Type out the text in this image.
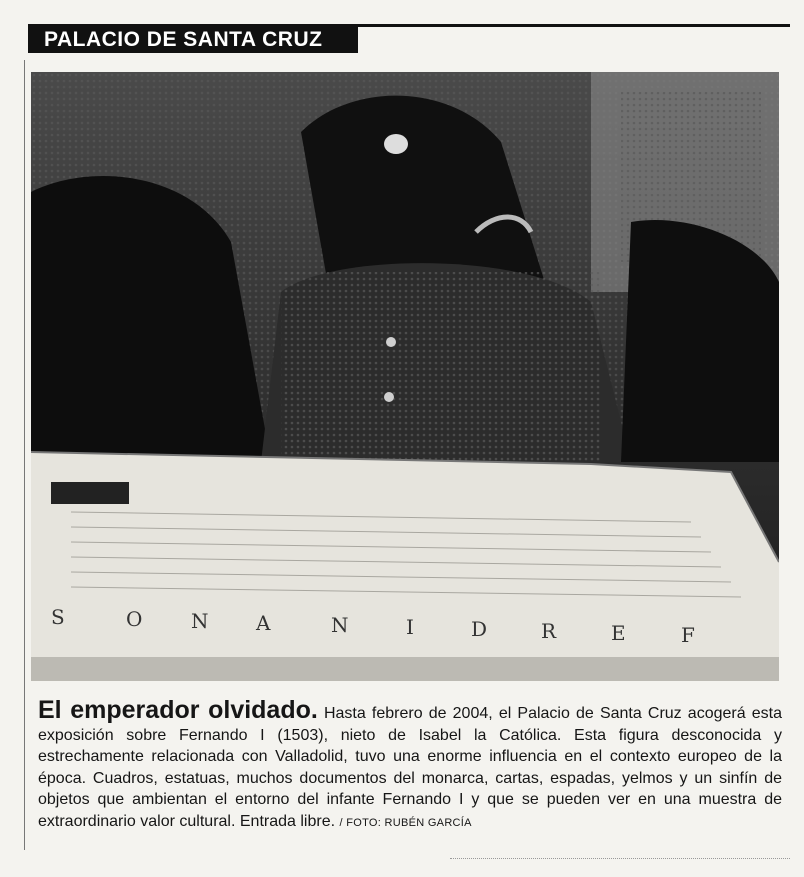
PALACIO DE SANTA CRUZ
S	O N A	N	I	D	R	E	F
El emperador olvidado. Hasta febrero de 2004, el Palacio de Santa Cruz acogerá esta exposición sobre Fernando I (1503), nieto de Isabel la Católica. Esta figura desconocida y estrechamente relacionada con Valladolid, tuvo una enorme influencia en el contexto europeo de la época. Cuadros, estatuas, muchos documentos del monarca, cartas, espadas, yelmos y un sinfín de objetos que ambientan el entorno del infante Fernando I y que se pueden ver en una muestra de extraordinario valor cultural. Entrada libre. / FOTO: RUBÉN GARCÍA
